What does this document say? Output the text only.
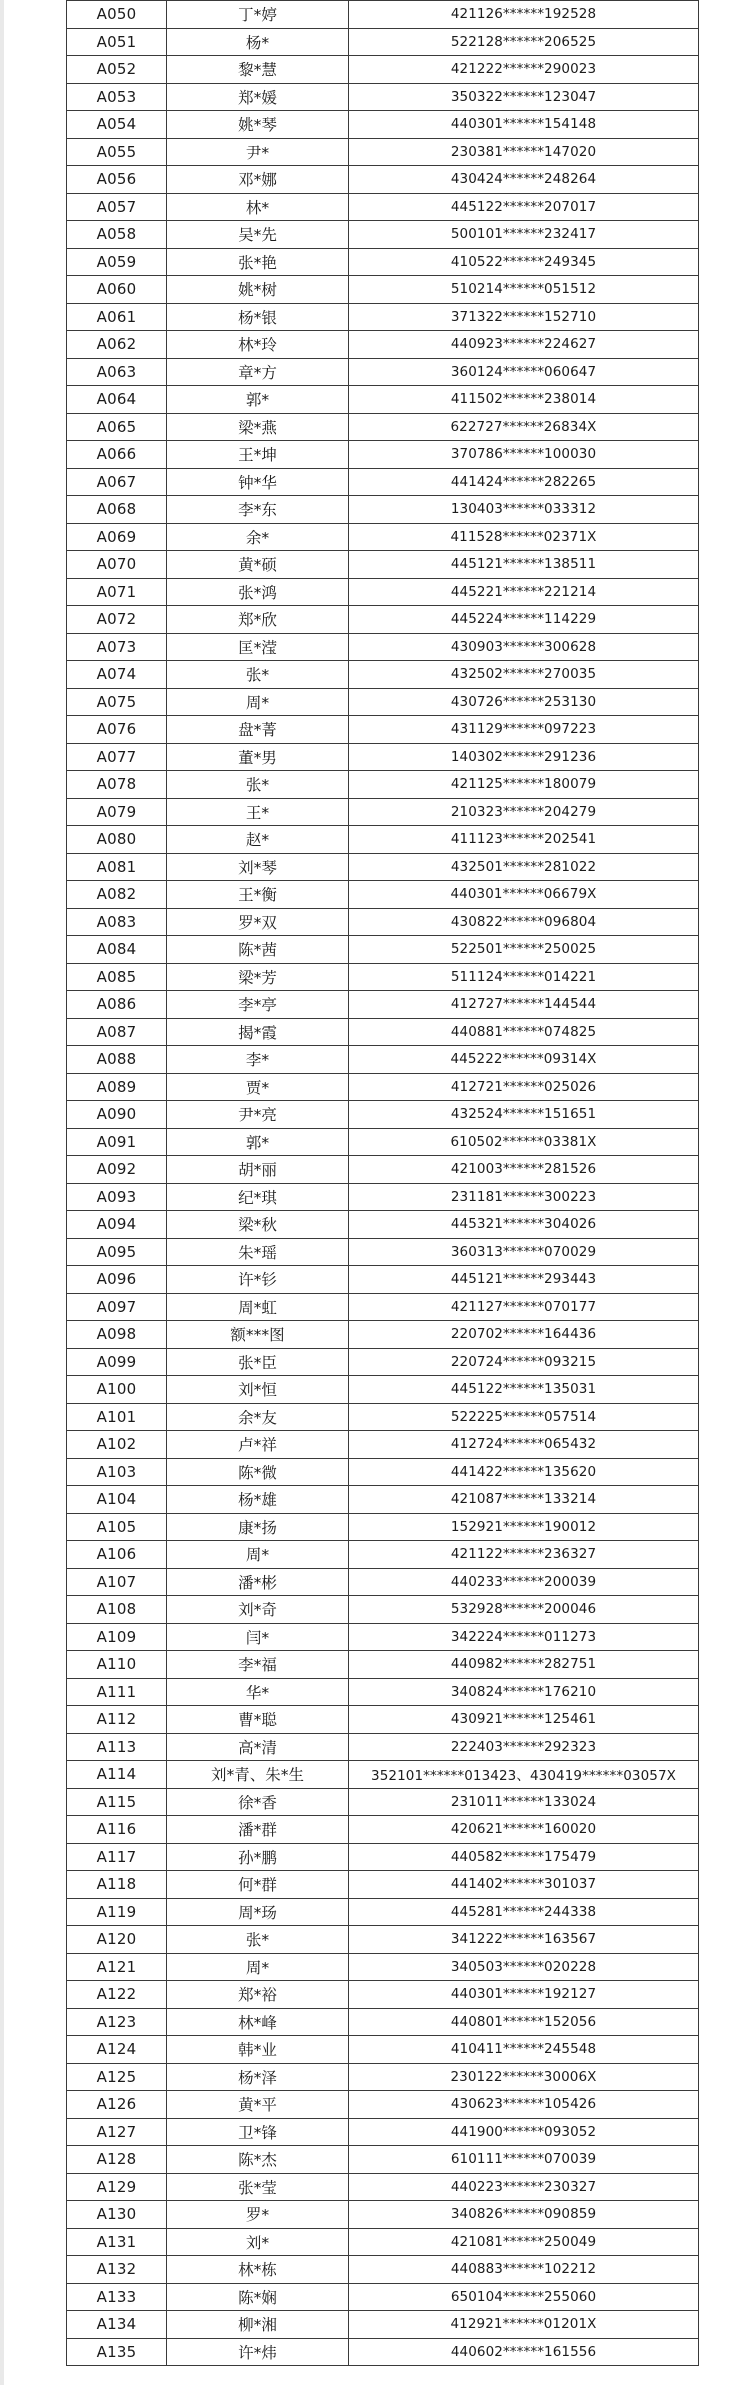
A050	丁*婷	421126******192528
A051	杨*	522128******206525
A052	黎*慧	421222******290023
A053	郑*媛	350322******123047
A054	姚*琴	440301******154148
A055	尹*	230381******147020
A056	邓*娜	430424******248264
A057	林*	445122******207017
A058	吴*先	500101******232417
A059	张*艳	410522******249345
A060	姚*树	510214******051512
A061	杨*银	371322******152710
A062	林*玲	440923******224627
A063	章*方	360124******060647
A064	郭*	411502******238014
A065	梁*燕	622727******26834X
A066	王*坤	370786******100030
A067	钟*华	441424******282265
A068	李*东	130403******033312
A069	余*	411528******02371X
A070	黄*硕	445121******138511
A071	张*鸿	445221******221214
A072	郑*欣	445224******114229
A073	匡*滢	430903******300628
A074	张*	432502******270035
A075	周*	430726******253130
A076	盘*菁	431129******097223
A077	董*男	140302******291236
A078	张*	421125******180079
A079	王*	210323******204279
A080	赵*	411123******202541
A081	刘*琴	432501******281022
A082	王*衡	440301******06679X
A083	罗*双	430822******096804
A084	陈*茜	522501******250025
A085	梁*芳	511124******014221
A086	李*亭	412727******144544
A087	揭*霞	440881******074825
A088	李*	445222******09314X
A089	贾*	412721******025026
A090	尹*亮	432524******151651
A091	郭*	610502******03381X
A092	胡*丽	421003******281526
A093	纪*琪	231181******300223
A094	梁*秋	445321******304026
A095	朱*瑶	360313******070029
A096	许*钐	445121******293443
A097	周*虹	421127******070177
A098	额***图	220702******164436
A099	张*臣	220724******093215
A100	刘*恒	445122******135031
A101	余*友	522225******057514
A102	卢*祥	412724******065432
A103	陈*微	441422******135620
A104	杨*雄	421087******133214
A105	康*扬	152921******190012
A106	周*	421122******236327
A107	潘*彬	440233******200039
A108	刘*奇	532928******200046
A109	闫*	342224******011273
A110	李*福	440982******282751
A111	华*	340824******176210
A112	曹*聪	430921******125461
A113	高*清	222403******292323
A114	刘*青、朱*生	352101******013423、430419******03057X
A115	徐*香	231011******133024
A116	潘*群	420621******160020
A117	孙*鹏	440582******175479
A118	何*群	441402******301037
A119	周*玚	445281******244338
A120	张*	341222******163567
A121	周*	340503******020228
A122	郑*裕	440301******192127
A123	林*峰	440801******152056
A124	韩*业	410411******245548
A125	杨*泽	230122******30006X
A126	黄*平	430623******105426
A127	卫*锋	441900******093052
A128	陈*杰	610111******070039
A129	张*莹	440223******230327
A130	罗*	340826******090859
A131	刘*	421081******250049
A132	林*栋	440883******102212
A133	陈*娴	650104******255060
A134	柳*湘	412921******01201X
A135	许*炜	440602******161556
